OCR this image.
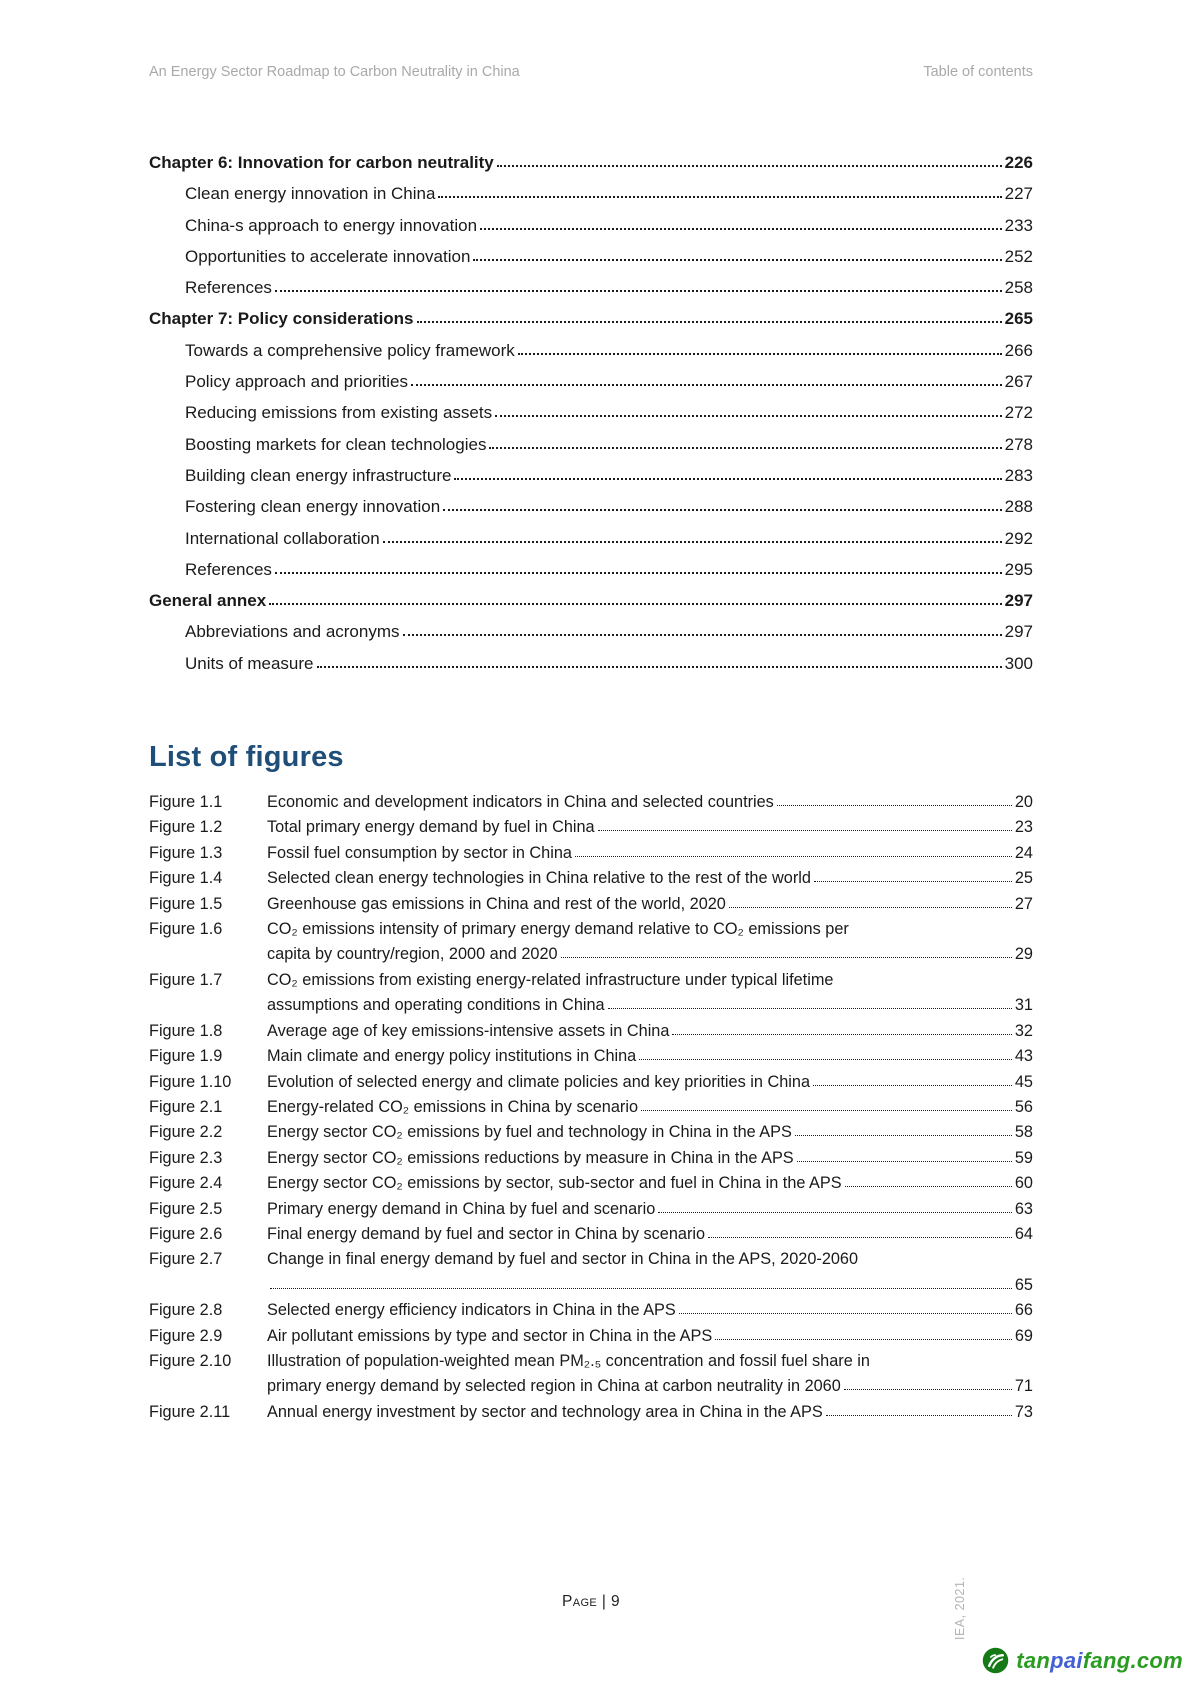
An Energy Sector Roadmap to Carbon Neutrality in China	Table of contents
Chapter 6: Innovation for carbon neutrality	226
Clean energy innovation in China	227
China-s approach to energy innovation	233
Opportunities to accelerate innovation	252
References	258
Chapter 7: Policy considerations	265
Towards a comprehensive policy framework	266
Policy approach and priorities	267
Reducing emissions from existing assets	272
Boosting markets for clean technologies	278
Building clean energy infrastructure	283
Fostering clean energy innovation	288
International collaboration	292
References	295
General annex	297
Abbreviations and acronyms	297
Units of measure	300
List of figures
Figure 1.1	Economic and development indicators in China and selected countries	20
Figure 1.2	Total primary energy demand by fuel in China	23
Figure 1.3	Fossil fuel consumption by sector in China	24
Figure 1.4	Selected clean energy technologies in China relative to the rest of the world	25
Figure 1.5	Greenhouse gas emissions in China and rest of the world, 2020	27
Figure 1.6	CO₂ emissions intensity of primary energy demand relative to CO₂ emissions per
capita by country/region, 2000 and 2020	29
Figure 1.7	CO₂ emissions from existing energy-related infrastructure under typical lifetime
assumptions and operating conditions in China	31
Figure 1.8	Average age of key emissions-intensive assets in China	32
Figure 1.9	Main climate and energy policy institutions in China	43
Figure 1.10	Evolution of selected energy and climate policies and key priorities in China	45
Figure 2.1	Energy-related CO₂ emissions in China by scenario	56
Figure 2.2	Energy sector CO₂ emissions by fuel and technology in China in the APS	58
Figure 2.3	Energy sector CO₂ emissions reductions by measure in China in the APS	59
Figure 2.4	Energy sector CO₂ emissions by sector, sub-sector and fuel in China in the APS	60
Figure 2.5	Primary energy demand in China by fuel and scenario	63
Figure 2.6	Final energy demand by fuel and sector in China by scenario	64
Figure 2.7	Change in final energy demand by fuel and sector in China in the APS, 2020-2060
65
Figure 2.8	Selected energy efficiency indicators in China in the APS	66
Figure 2.9	Air pollutant emissions by type and sector in China in the APS	69
Figure 2.10	Illustration of population-weighted mean PM₂.₅ concentration and fossil fuel share in
primary energy demand by selected region in China at carbon neutrality in 2060	71
Figure 2.11	Annual energy investment by sector and technology area in China in the APS	73
Page | 9	IEA, 2021.
tanpaifang.com
